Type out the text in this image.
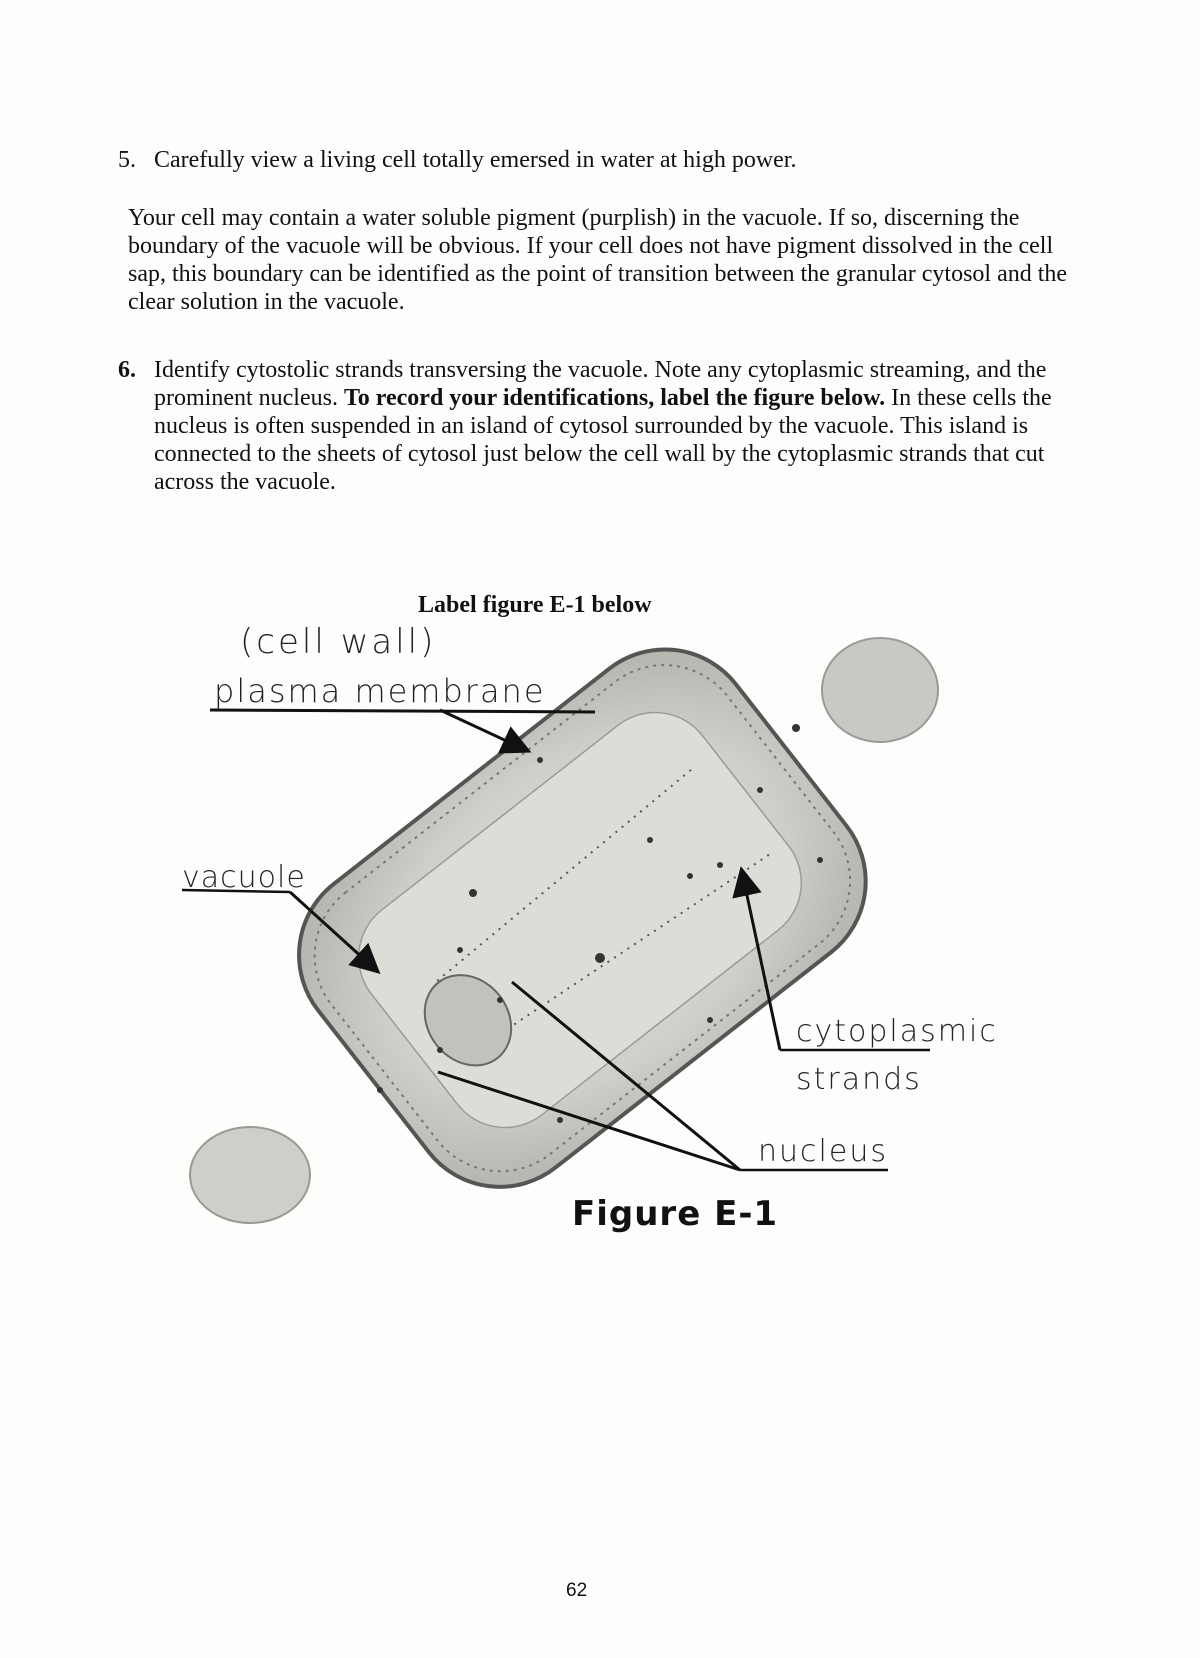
5. Carefully view a living cell totally emersed in water at high power.
Your cell may contain a water soluble pigment (purplish) in the vacuole. If so, discerning the boundary of the vacuole will be obvious. If your cell does not have pigment dissolved in the cell sap, this boundary can be identified as the point of transition between the granular cytosol and the clear solution in the vacuole.
6. Identify cytostolic strands transversing the vacuole. Note any cytoplasmic streaming, and the prominent nucleus. To record your identifications, label the figure below. In these cells the nucleus is often suspended in an island of cytosol surrounded by the vacuole. This island is connected to the sheets of cytosol just below the cell wall by the cytoplasmic strands that cut across the vacuole.
Label figure E-1 below
(cell wall)
plasma membrane
vacuole
cytoplasmic
strands
nucleus
Figure E-1
62
